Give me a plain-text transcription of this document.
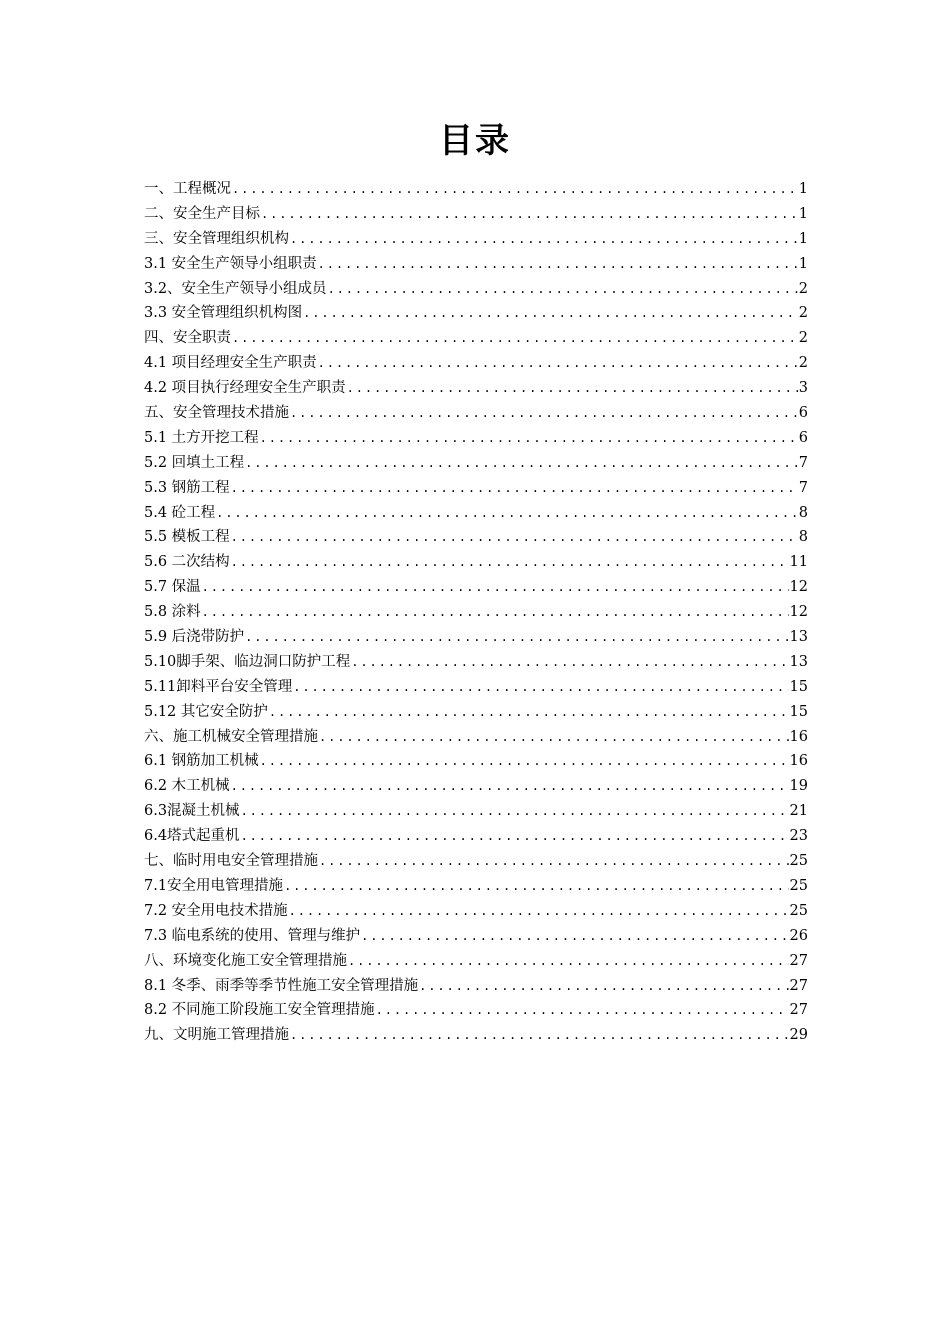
目录
一、工程概况 .....	1
二、安全生产目标 .....	1
三、安全管理组织机构 .....	1
3.1 安全生产领导小组职责 .....	1
3.2、安全生产领导小组成员 .....	2
3.3 安全管理组织机构图 .....	2
四、安全职责 .....	2
4.1 项目经理安全生产职责 .....	2
4.2 项目执行经理安全生产职责 .....	3
五、安全管理技术措施 .....	6
5.1 土方开挖工程 .....	6
5.2 回填土工程 .....	7
5.3 钢筋工程 .....	7
5.4 砼工程 .....	8
5.5 模板工程 .....	8
5.6 二次结构 .....	11
5.7 保温 .....	12
5.8 涂料 .....	12
5.9 后浇带防护 .....	13
5.10脚手架、临边洞口防护工程 .....	13
5.11卸料平台安全管理 .....	15
5.12 其它安全防护 .....	15
六、施工机械安全管理措施 .....	16
6.1 钢筋加工机械 .....	16
6.2 木工机械 .....	19
6.3混凝土机械 .....	21
6.4塔式起重机 .....	23
七、临时用电安全管理措施 .....	25
7.1安全用电管理措施 .....	25
7.2 安全用电技术措施 .....	25
7.3 临电系统的使用、管理与维护 .....	26
八、环境变化施工安全管理措施 .....	27
8.1 冬季、雨季等季节性施工安全管理措施 .....	27
8.2 不同施工阶段施工安全管理措施 .....	27
九、文明施工管理措施 .....	29
